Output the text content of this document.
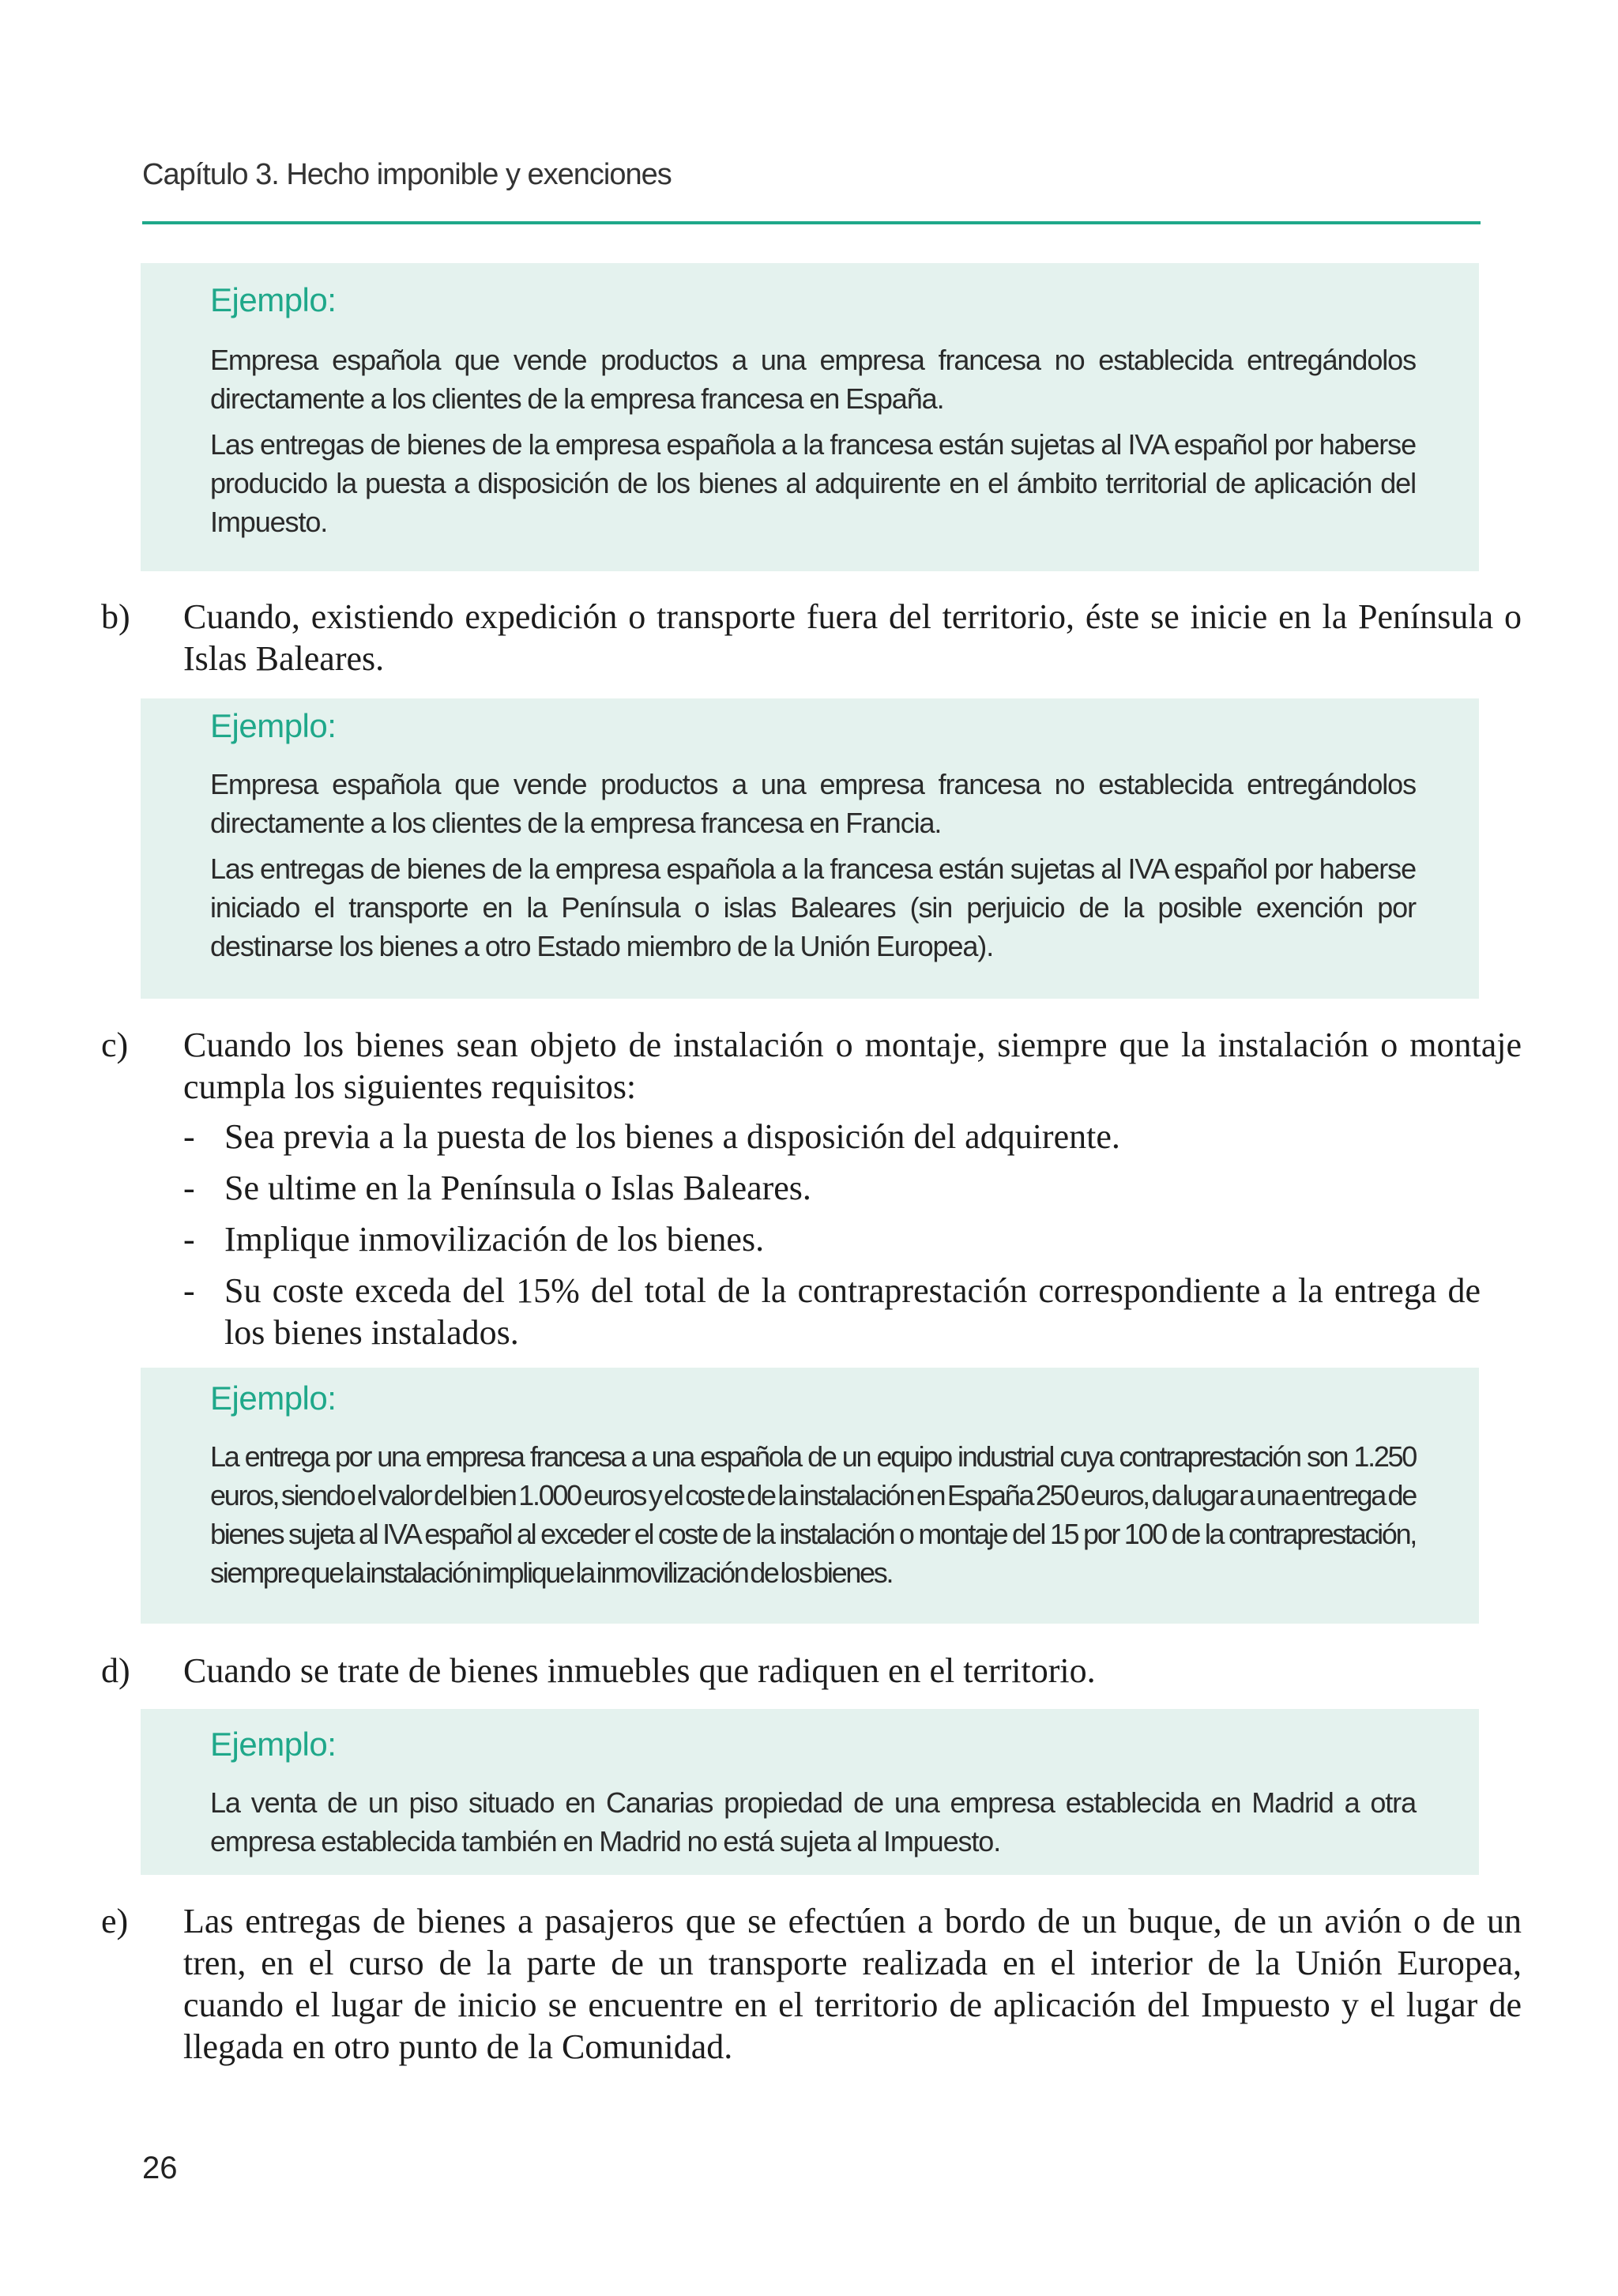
Capítulo 3. Hecho imponible y exenciones
Ejemplo:

Empresa española que vende productos a una empresa francesa no establecida entregándolos directamente a los clientes de la empresa francesa en España.

Las entregas de bienes de la empresa española a la francesa están sujetas al IVA español por haberse producido la puesta a disposición de los bienes al adquirente en el ámbito territorial de aplicación del Impuesto.

b) Cuando, existiendo expedición o transporte fuera del territorio, éste se inicie en la Península o Islas Baleares.
Ejemplo:

Empresa española que vende productos a una empresa francesa no establecida entregándolos directamente a los clientes de la empresa francesa en Francia.

Las entregas de bienes de la empresa española a la francesa están sujetas al IVA español por haberse iniciado el transporte en la Península o islas Baleares (sin perjuicio de la posible exención por destinarse los bienes a otro Estado miembro de la Unión Europea).

c) Cuando los bienes sean objeto de instalación o montaje, siempre que la instalación o montaje cumpla los siguientes requisitos:
- Sea previa a la puesta de los bienes a disposición del adquirente.
- Se ultime en la Península o Islas Baleares.
- Implique inmovilización de los bienes.
- Su coste exceda del 15% del total de la contraprestación correspondiente a la entrega de los bienes instalados.
Ejemplo:

La entrega por una empresa francesa a una española de un equipo industrial cuya contraprestación son 1.250 euros, siendo el valor del bien 1.000 euros y el coste de la instalación en España 250 euros, da lugar a una entrega de bienes sujeta al IVA español al exceder el coste de la instalación o montaje del 15 por 100 de la contraprestación, siempre que la instalación implique la inmovilización de los bienes.

d) Cuando se trate de bienes inmuebles que radiquen en el territorio.
Ejemplo:

La venta de un piso situado en Canarias propiedad de una empresa establecida en Madrid a otra empresa establecida también en Madrid no está sujeta al Impuesto.

e) Las entregas de bienes a pasajeros que se efectúen a bordo de un buque, de un avión o de un tren, en el curso de la parte de un transporte realizada en el interior de la Unión Europea, cuando el lugar de inicio se encuentre en el territorio de aplicación del Impuesto y el lugar de llegada en otro punto de la Comunidad.
26
